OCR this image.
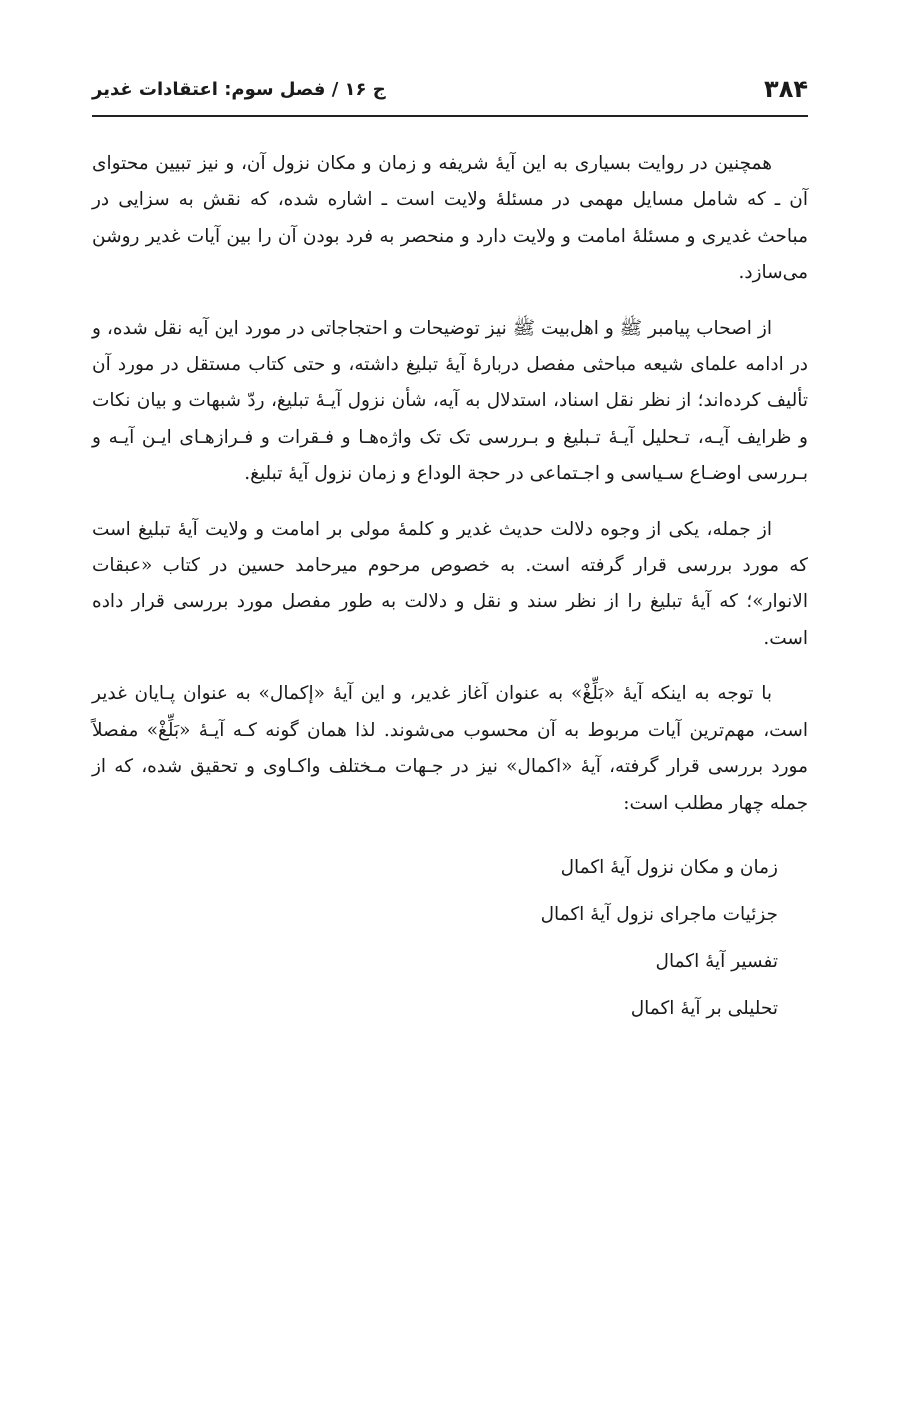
۳۸۴
ج ۱۶ / فصل سوم: اعتقادات غدیر

همچنین در روایت بسیاری به این آیهٔ شریفه و زمان و مکان نزول آن، و نیز تبیین محتوای آن ـ که شامل مسایل مهمی در مسئلهٔ ولایت است ـ اشاره شده، که نقش به سزایی در مباحث غدیری و مسئلهٔ امامت و ولایت دارد و منحصر به فرد بودن آن را بین آیات غدیر روشن می‌سازد.

از اصحاب پیامبر ﷺ و اهل‌بیت ﷺ نیز توضیحات و احتجاجاتی در مورد این آیه نقل شده، و در ادامه علمای شیعه مباحثی مفصل دربارهٔ آیهٔ تبلیغ داشته، و حتی کتاب مستقل در مورد آن تألیف کرده‌اند؛ از نظر نقل اسناد، استدلال به آیه، شأن نزول آیـهٔ تبلیغ، ردّ شبهات و بیان نکات و ظرایف آیـه، تـحلیل آیـهٔ تـبلیغ و بـررسی تک تک واژه‌هـا و فـقرات و فـرازهـای ایـن آیـه و بـررسی اوضـاع سـیاسی و اجـتماعی در حجة الوداع و زمان نزول آیهٔ تبلیغ.

از جمله، یکی از وجوه دلالت حدیث غدیر و کلمهٔ مولی بر امامت و ولایت آیهٔ تبلیغ است که مورد بررسی قرار گرفته است. به خصوص مرحوم میرحامد حسین در کتاب «عبقات الانوار»؛ که آیهٔ تبلیغ را از نظر سند و نقل و دلالت به طور مفصل مورد بررسی قرار داده است.

با توجه به اینکه آیهٔ «بَلِّغْ» به عنوان آغاز غدیر، و این آیهٔ «إکمال» به عنوان پـایان غدیر است، مهم‌ترین آیات مربوط به آن محسوب می‌شوند. لذا همان گونه کـه آیـهٔ «بَلِّغْ» مفصلاً مورد بررسی قرار گرفته، آیهٔ «اکمال» نیز در جـهات مـختلف واکـاوی و تحقیق شده، که از جمله چهار مطلب است:

زمان و مکان نزول آیهٔ اکمال
جزئیات ماجرای نزول آیهٔ اکمال
تفسیر آیهٔ اکمال
تحلیلی بر آیهٔ اکمال
